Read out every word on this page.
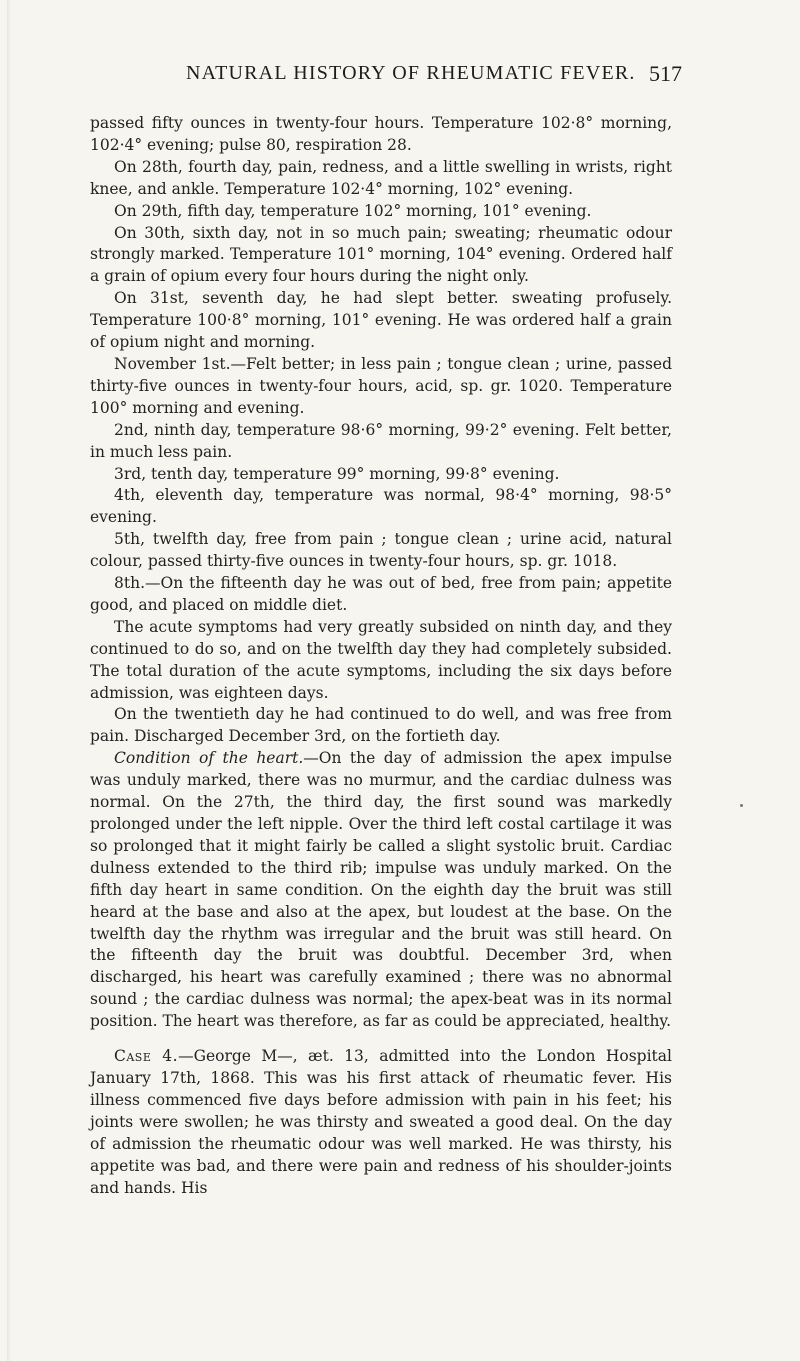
NATURAL HISTORY OF RHEUMATIC FEVER. 517

passed fifty ounces in twenty-four hours. Temperature 102·8° morning, 102·4° evening; pulse 80, respiration 28.

On 28th, fourth day, pain, redness, and a little swelling in wrists, right knee, and ankle. Temperature 102·4° morning, 102° evening.

On 29th, fifth day, temperature 102° morning, 101° evening.

On 30th, sixth day, not in so much pain; sweating; rheumatic odour strongly marked. Temperature 101° morning, 104° evening. Ordered half a grain of opium every four hours during the night only.

On 31st, seventh day, he had slept better. sweating profusely. Temperature 100·8° morning, 101° evening. He was ordered half a grain of opium night and morning.

November 1st.—Felt better; in less pain ; tongue clean ; urine, passed thirty-five ounces in twenty-four hours, acid, sp. gr. 1020. Temperature 100° morning and evening.

2nd, ninth day, temperature 98·6° morning, 99·2° evening. Felt better, in much less pain.

3rd, tenth day, temperature 99° morning, 99·8° evening.

4th, eleventh day, temperature was normal, 98·4° morning, 98·5° evening.

5th, twelfth day, free from pain ; tongue clean ; urine acid, natural colour, passed thirty-five ounces in twenty-four hours, sp. gr. 1018.

8th.—On the fifteenth day he was out of bed, free from pain; appetite good, and placed on middle diet.

The acute symptoms had very greatly subsided on ninth day, and they continued to do so, and on the twelfth day they had completely subsided. The total duration of the acute symptoms, including the six days before admission, was eighteen days.

On the twentieth day he had continued to do well, and was free from pain. Discharged December 3rd, on the fortieth day.

Condition of the heart.—On the day of admission the apex impulse was unduly marked, there was no murmur, and the cardiac dulness was normal. On the 27th, the third day, the first sound was markedly prolonged under the left nipple. Over the third left costal cartilage it was so prolonged that it might fairly be called a slight systolic bruit. Cardiac dulness extended to the third rib; impulse was unduly marked. On the fifth day heart in same condition. On the eighth day the bruit was still heard at the base and also at the apex, but loudest at the base. On the twelfth day the rhythm was irregular and the bruit was still heard. On the fifteenth day the bruit was doubtful. December 3rd, when discharged, his heart was carefully examined ; there was no abnormal sound ; the cardiac dulness was normal; the apex-beat was in its normal position. The heart was therefore, as far as could be appreciated, healthy.

Case 4.—George M—, æt. 13, admitted into the London Hospital January 17th, 1868. This was his first attack of rheumatic fever. His illness commenced five days before admission with pain in his feet; his joints were swollen; he was thirsty and sweated a good deal. On the day of admission the rheumatic odour was well marked. He was thirsty, his appetite was bad, and there were pain and redness of his shoulder-joints and hands. His
